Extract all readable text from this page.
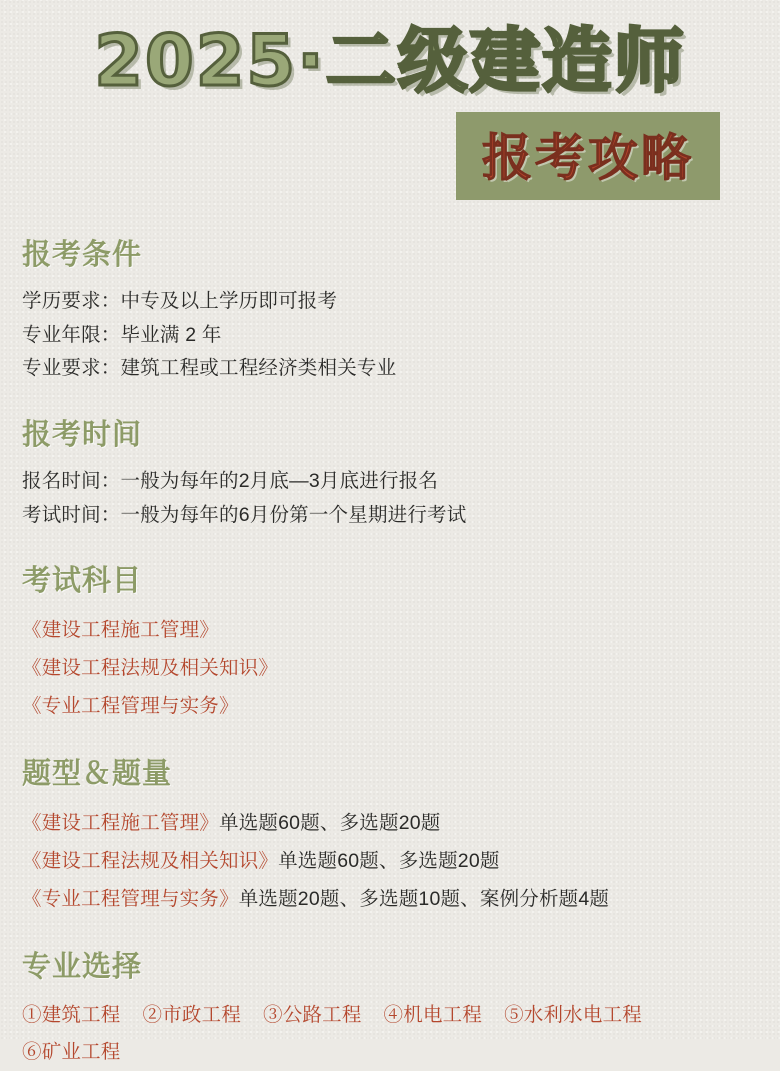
2025·二级建造师
报考攻略
报考条件
学历要求：中专及以上学历即可报考
专业年限：毕业满 2 年
专业要求：建筑工程或工程经济类相关专业
报考时间
报名时间：一般为每年的2月底—3月底进行报名
考试时间：一般为每年的6月份第一个星期进行考试
考试科目
《建设工程施工管理》
《建设工程法规及相关知识》
《专业工程管理与实务》
题型＆题量
《建设工程施工管理》单选题60题、多选题20题
《建设工程法规及相关知识》单选题60题、多选题20题
《专业工程管理与实务》单选题20题、多选题10题、案例分析题4题
专业选择
①建筑工程 ②市政工程 ③公路工程 ④机电工程 ⑤水利水电工程
⑥矿业工程
